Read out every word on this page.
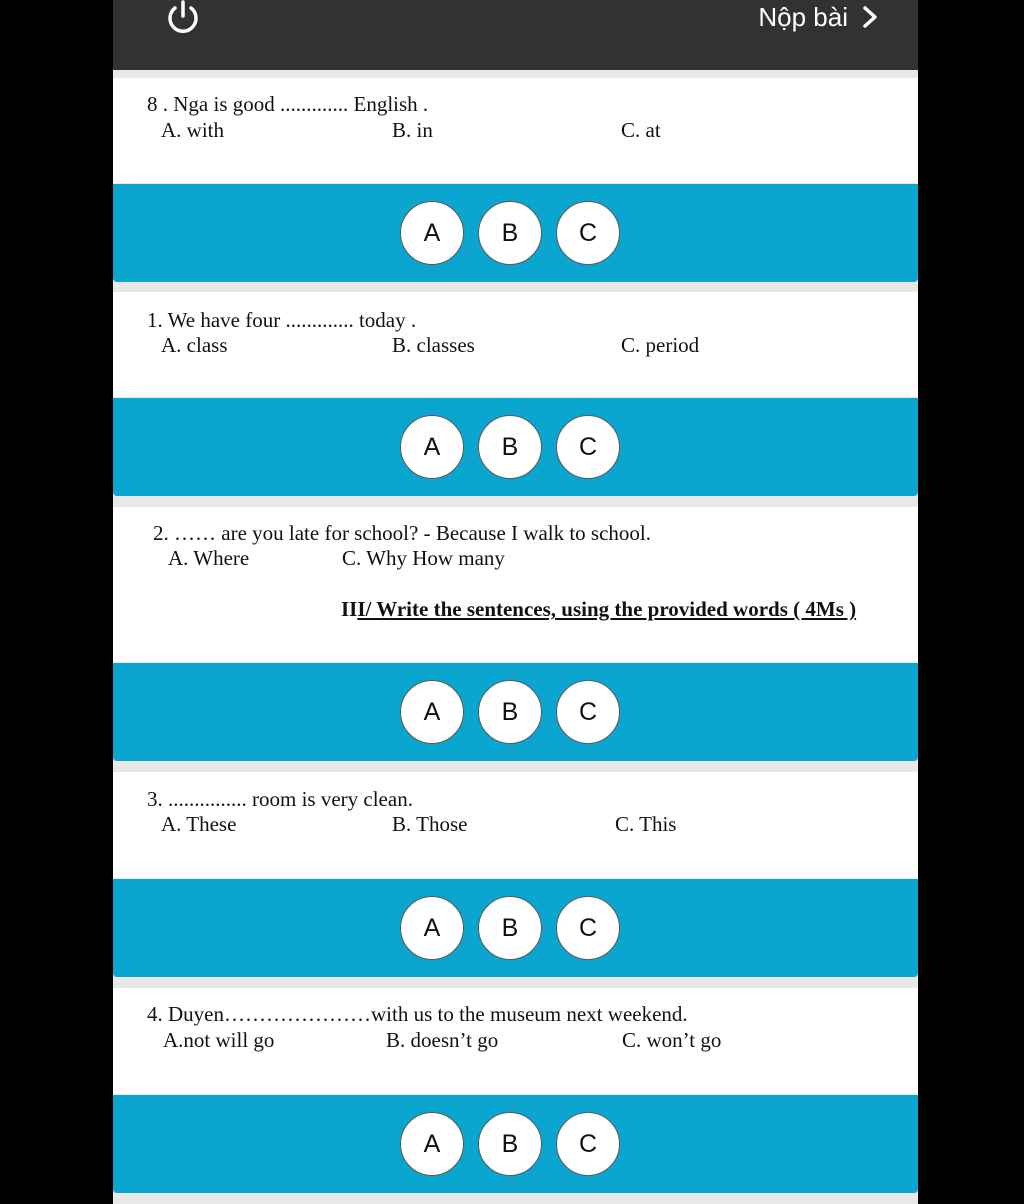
Nộp bài
8 . Nga is good ............. English .
A. with	B. in	C. at
A	B	C
1. We have four ............. today .
A. class	B. classes	C. period
A	B	C
2. …… are you late for school? - Because I walk to school.
A. Where	C. Why How many
III/ Write the sentences, using the provided words ( 4Ms )
A	B	C
3. ............... room is very clean.
A. These	B. Those	C. This
A	B	C
4. Duyen…………………with us to the museum next weekend.
A.not will go	B. doesn’t go	C. won’t go
A	B	C
